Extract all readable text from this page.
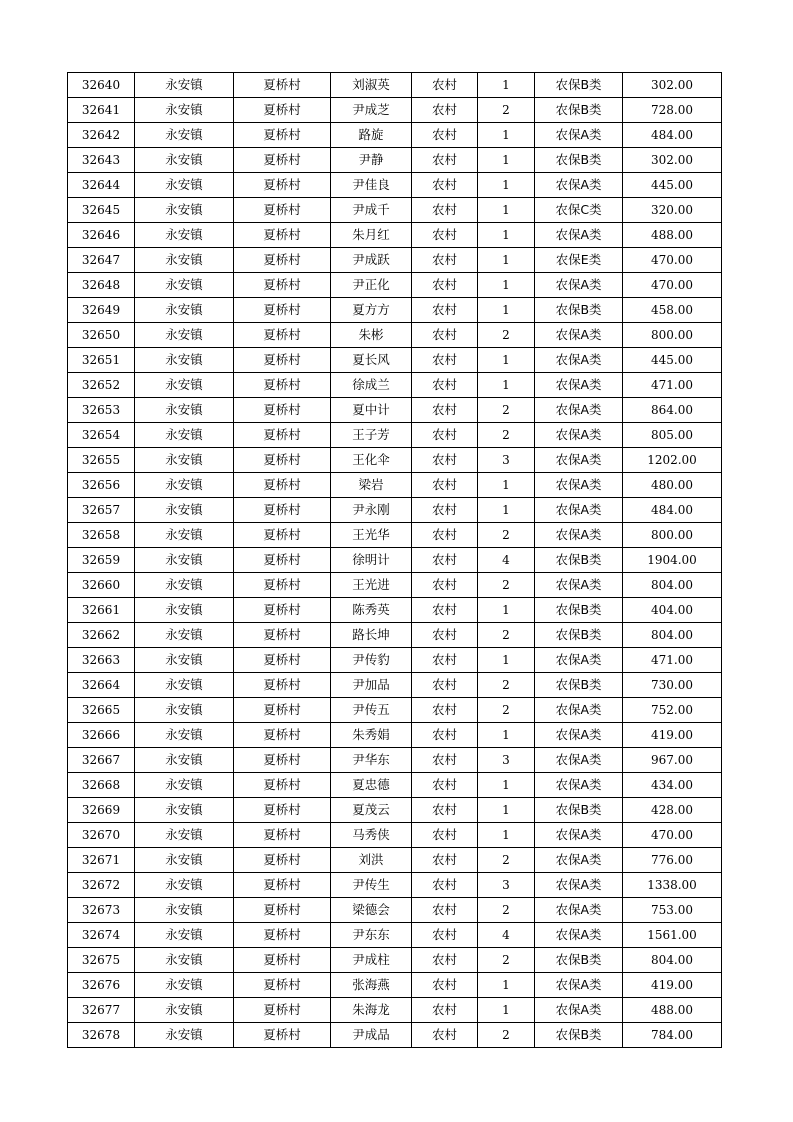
32640	永安镇	夏桥村	刘淑英	农村	1	农保B类	302.00
32641	永安镇	夏桥村	尹成芝	农村	2	农保B类	728.00
32642	永安镇	夏桥村	路旋	农村	1	农保A类	484.00
32643	永安镇	夏桥村	尹静	农村	1	农保B类	302.00
32644	永安镇	夏桥村	尹佳良	农村	1	农保A类	445.00
32645	永安镇	夏桥村	尹成千	农村	1	农保C类	320.00
32646	永安镇	夏桥村	朱月红	农村	1	农保A类	488.00
32647	永安镇	夏桥村	尹成跃	农村	1	农保E类	470.00
32648	永安镇	夏桥村	尹正化	农村	1	农保A类	470.00
32649	永安镇	夏桥村	夏方方	农村	1	农保B类	458.00
32650	永安镇	夏桥村	朱彬	农村	2	农保A类	800.00
32651	永安镇	夏桥村	夏长风	农村	1	农保A类	445.00
32652	永安镇	夏桥村	徐成兰	农村	1	农保A类	471.00
32653	永安镇	夏桥村	夏中计	农村	2	农保A类	864.00
32654	永安镇	夏桥村	王子芳	农村	2	农保A类	805.00
32655	永安镇	夏桥村	王化伞	农村	3	农保A类	1202.00
32656	永安镇	夏桥村	梁岩	农村	1	农保A类	480.00
32657	永安镇	夏桥村	尹永刚	农村	1	农保A类	484.00
32658	永安镇	夏桥村	王光华	农村	2	农保A类	800.00
32659	永安镇	夏桥村	徐明计	农村	4	农保B类	1904.00
32660	永安镇	夏桥村	王光进	农村	2	农保A类	804.00
32661	永安镇	夏桥村	陈秀英	农村	1	农保B类	404.00
32662	永安镇	夏桥村	路长坤	农村	2	农保B类	804.00
32663	永安镇	夏桥村	尹传豹	农村	1	农保A类	471.00
32664	永安镇	夏桥村	尹加品	农村	2	农保B类	730.00
32665	永安镇	夏桥村	尹传五	农村	2	农保A类	752.00
32666	永安镇	夏桥村	朱秀娟	农村	1	农保A类	419.00
32667	永安镇	夏桥村	尹华东	农村	3	农保A类	967.00
32668	永安镇	夏桥村	夏忠德	农村	1	农保A类	434.00
32669	永安镇	夏桥村	夏茂云	农村	1	农保B类	428.00
32670	永安镇	夏桥村	马秀侠	农村	1	农保A类	470.00
32671	永安镇	夏桥村	刘洪	农村	2	农保A类	776.00
32672	永安镇	夏桥村	尹传生	农村	3	农保A类	1338.00
32673	永安镇	夏桥村	梁德会	农村	2	农保A类	753.00
32674	永安镇	夏桥村	尹东东	农村	4	农保A类	1561.00
32675	永安镇	夏桥村	尹成柱	农村	2	农保B类	804.00
32676	永安镇	夏桥村	张海燕	农村	1	农保A类	419.00
32677	永安镇	夏桥村	朱海龙	农村	1	农保A类	488.00
32678	永安镇	夏桥村	尹成品	农村	2	农保B类	784.00
